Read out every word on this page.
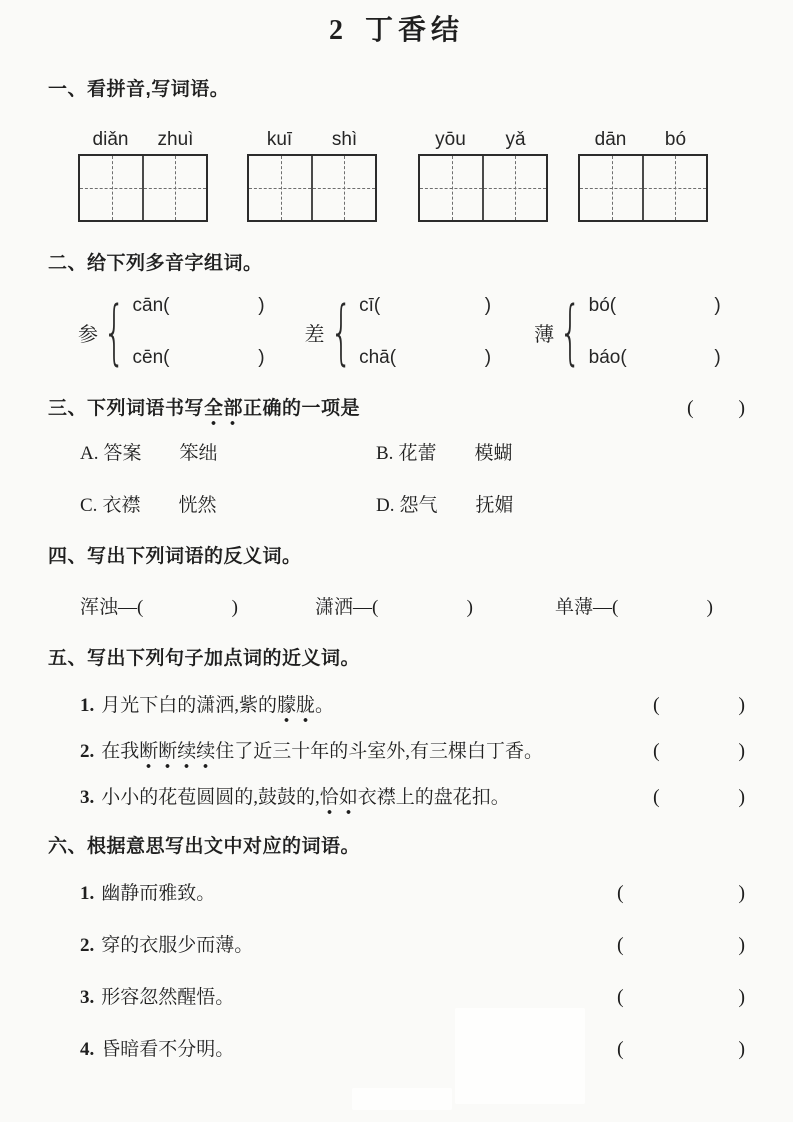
2 丁香结
一、看拼音,写词语。
diǎn	zhuì	kuī	shì	yōu	yǎ	dān	bó
二、给下列多音字组词。
参 { cān(	)
cēn(	)
差 { cī(	)
chā(	)
薄 { bó(	)
báo(	)
三、下列词语书写全部正确的一项是	( )
A. 答案 笨绌	B. 花蕾 模蝴
C. 衣襟 恍然	D. 怨气 抚媚
四、写出下列词语的反义词。
浑浊—(	)	潇洒—(	)	单薄—(	)
五、写出下列句子加点词的近义词。
1. 月光下白的潇洒,紫的朦胧。	(	)
2. 在我断断续续住了近三十年的斗室外,有三棵白丁香。	(	)
3. 小小的花苞圆圆的,鼓鼓的,恰如衣襟上的盘花扣。	(	)
六、根据意思写出文中对应的词语。
1. 幽静而雅致。	(	)
2. 穿的衣服少而薄。	(	)
3. 形容忽然醒悟。	(	)
4. 昏暗看不分明。	(	)
